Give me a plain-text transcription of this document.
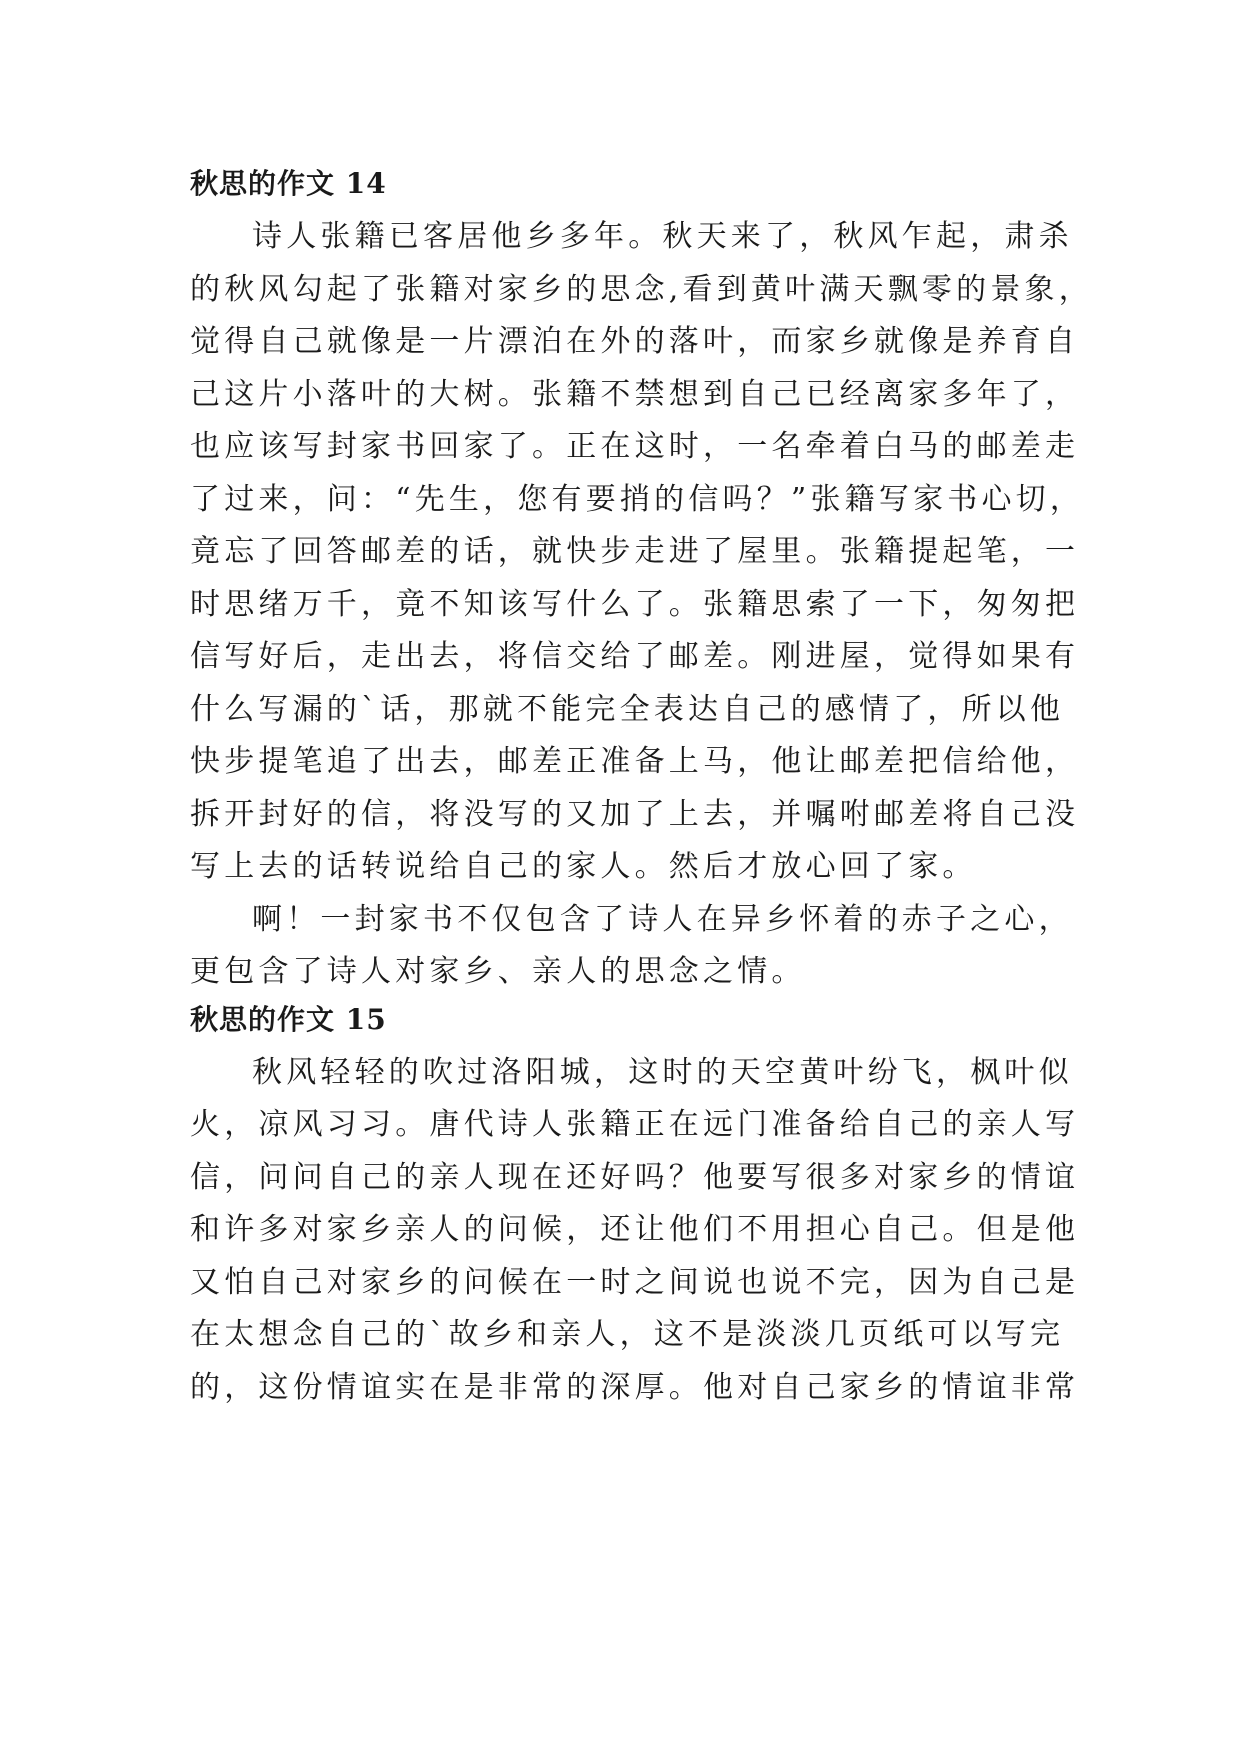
秋思的作文 14
诗人张籍已客居他乡多年。秋天来了，秋风乍起，肃杀
的秋风勾起了张籍对家乡的思念,看到黄叶满天飘零的景象，
觉得自己就像是一片漂泊在外的落叶，而家乡就像是养育自
己这片小落叶的大树。张籍不禁想到自己已经离家多年了，
也应该写封家书回家了。正在这时，一名牵着白马的邮差走
了过来，问：“先生，您有要捎的信吗？”张籍写家书心切，
竟忘了回答邮差的话，就快步走进了屋里。张籍提起笔，一
时思绪万千，竟不知该写什么了。张籍思索了一下，匆匆把
信写好后，走出去，将信交给了邮差。刚进屋，觉得如果有
什么写漏的`话，那就不能完全表达自己的感情了，所以他
快步提笔追了出去，邮差正准备上马，他让邮差把信给他，
拆开封好的信，将没写的又加了上去，并嘱咐邮差将自己没
写上去的话转说给自己的家人。然后才放心回了家。
啊！一封家书不仅包含了诗人在异乡怀着的赤子之心，
更包含了诗人对家乡、亲人的思念之情。
秋思的作文 15
秋风轻轻的吹过洛阳城，这时的天空黄叶纷飞，枫叶似
火，凉风习习。唐代诗人张籍正在远门准备给自己的亲人写
信，问问自己的亲人现在还好吗？他要写很多对家乡的情谊
和许多对家乡亲人的问候，还让他们不用担心自己。但是他
又怕自己对家乡的问候在一时之间说也说不完，因为自己是
在太想念自己的`故乡和亲人，这不是淡淡几页纸可以写完
的，这份情谊实在是非常的深厚。他对自己家乡的情谊非常
